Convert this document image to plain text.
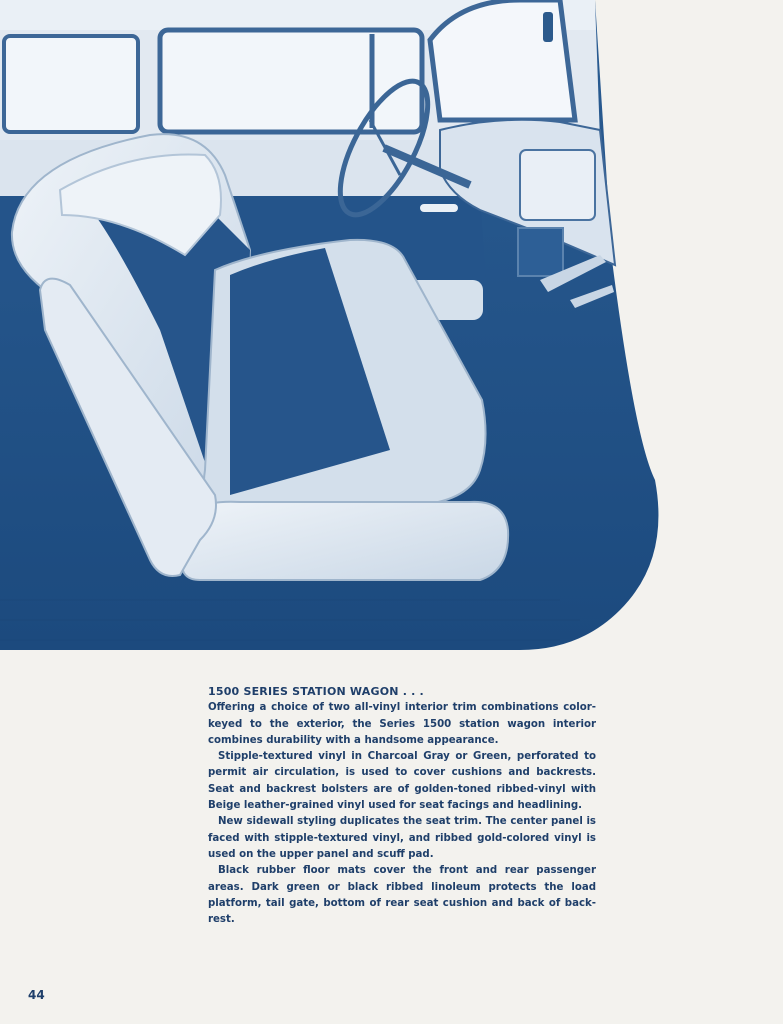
1500 SERIES STATION WAGON . . .

Offering a choice of two all-vinyl interior trim combinations color-keyed to the exterior, the Series 1500 station wagon interior combines durability with a handsome appearance.

Stipple-textured vinyl in Charcoal Gray or Green, perforated to permit air circulation, is used to cover cushions and backrests. Seat and backrest bolsters are of golden-toned ribbed-vinyl with Beige leather-grained vinyl used for seat facings and headlining.

New sidewall styling duplicates the seat trim. The center panel is faced with stipple-textured vinyl, and ribbed gold-colored vinyl is used on the upper panel and scuff pad.

Black rubber floor mats cover the front and rear passenger areas. Dark green or black ribbed linoleum protects the load platform, tail gate, bottom of rear seat cushion and back of back-rest.

44
